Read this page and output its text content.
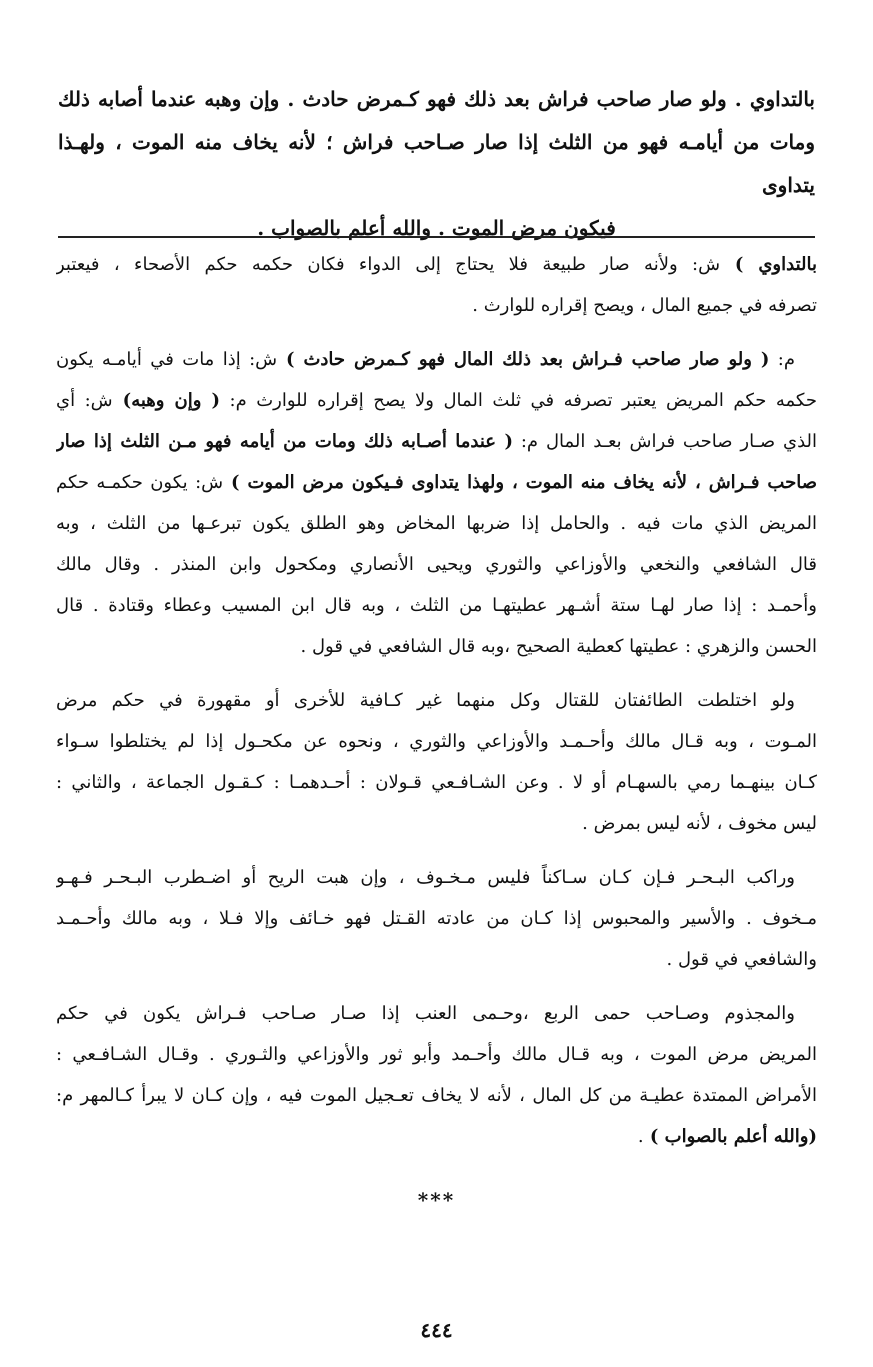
بالتداوي . ولو صار صاحب فراش بعد ذلك فهو كـمرض حادث . وإن وهبه عندما أصابه ذلك
ومات من أيامـه فهو من الثلث إذا صار صـاحب فراش ؛ لأنه يخاف منه الموت ، ولهـذا يتداوى
فيكون مرض الموت . والله أعلم بالصواب .

بالتداوي ) ش: ولأنه صار طبيعة فلا يحتاج إلى الدواء فكان حكمه حكم الأصحاء ، فيعتبر
تصرفه في جميع المال ، ويصح إقراره للوارث .

م: ( ولو صار صاحب فـراش بعد ذلك المال فهو كـمرض حادث ) ش: إذا مات في أيامـه يكون
حكمه حكم المريض يعتبر تصرفه في ثلث المال ولا يصح إقراره للوارث م: ( وإن وهبه) ش: أي
الذي صـار صاحب فراش بعـد المال م: ( عندما أصـابه ذلك ومات من أيامه فهو مـن الثلث إذا صار
صاحب فـراش ، لأنه يخاف منه الموت ، ولهذا يتداوى فـيكون مرض الموت ) ش: يكون حكمـه حكم
المريض الذي مات فيه . والحامل إذا ضربها المخاض وهو الطلق يكون تبرعـها من الثلث ، وبه
قال الشافعي والنخعي والأوزاعي والثوري ويحيى الأنصاري ومكحول وابن المنذر . وقال مالك
وأحمـد : إذا صار لهـا ستة أشـهر عطيتهـا من الثلث ، وبه قال ابن المسيب وعطاء وقتادة . قال
الحسن والزهري : عطيتها كعطية الصحيح ،وبه قال الشافعي في قول .

ولو اختلطت الطائفتان للقتال وكل منهما غير كـافية للأخرى أو مقهورة في حكم مرض
المـوت ، وبه قـال مالك وأحـمـد والأوزاعي والثوري ، ونحوه عن مكحـول إذا لم يختلطوا سـواء
كـان بينهـما رمي بالسهـام أو لا . وعن الشـافـعي قـولان : أحـدهمـا : كـقـول الجماعة ، والثاني :
ليس مخوف ، لأنه ليس بمرض .

وراكب البـحـر فـإن كـان سـاكناً فليس مـخـوف ، وإن هبت الريح أو اضـطرب البـحـر فـهـو
مـخوف . والأسير والمحبوس إذا كـان من عادته القـتل فهو خـائف وإلا فـلا ، وبه مالك وأحـمـد
والشافعي في قول .

والمجذوم وصـاحب حمى الربع ،وحـمى العنب إذا صـار صـاحب فـراش يكون في حكم
المريض مرض الموت ، وبه قـال مالك وأحـمد وأبو ثور والأوزاعي والثـوري . وقـال الشـافـعي :
الأمراض الممتدة عطيـة من كل المال ، لأنه لا يخاف تعـجيل الموت فيه ، وإن كـان لا يبرأ كـالمهر م:
(والله أعلم بالصواب ) .

***
٤٤٤
